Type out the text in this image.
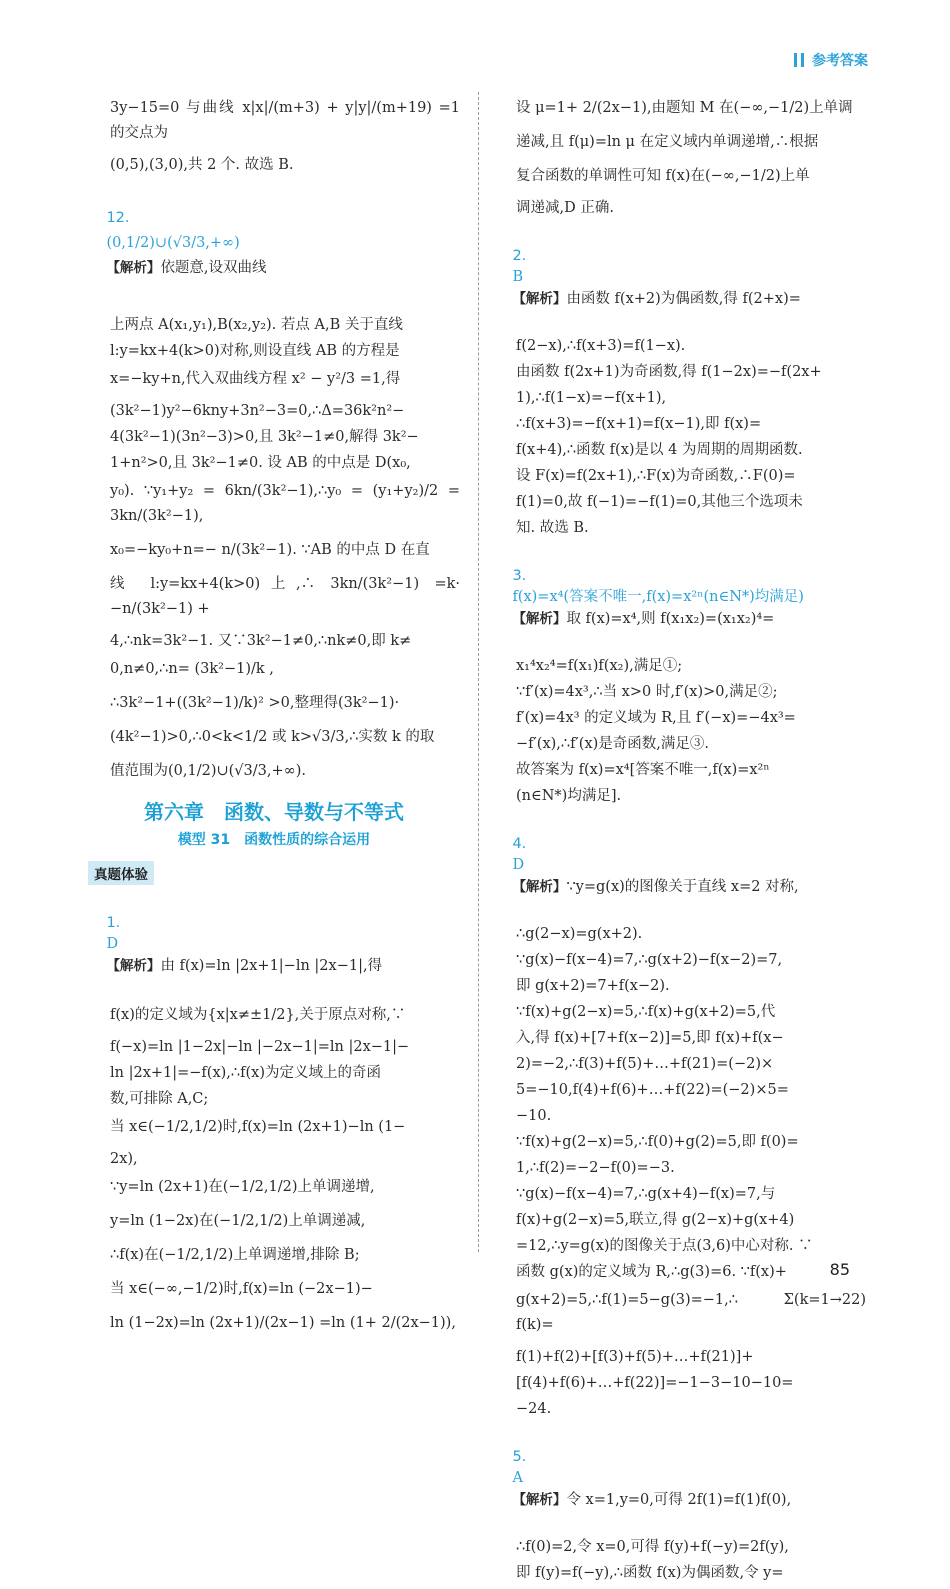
参考答案

3y−15=0 与曲线 x|x|/(m+3) + y|y|/(m+19) =1 的交点为

(0,5),(3,0),共 2 个. 故选 B.

12.
(0,1/2)∪(√3/3,+∞)
【解析】依题意,设双曲线

上两点 A(x₁,y₁),B(x₂,y₂). 若点 A,B 关于直线

l:y=kx+4(k>0)对称,则设直线 AB 的方程是

x=−ky+n,代入双曲线方程 x² − y²/3 =1,得

(3k²−1)y²−6kny+3n²−3=0,∴Δ=36k²n²−

4(3k²−1)(3n²−3)>0,且 3k²−1≠0,解得 3k²−

1+n²>0,且 3k²−1≠0. 设 AB 的中点是 D(x₀,

y₀). ∵y₁+y₂ = 6kn/(3k²−1),∴y₀ = (y₁+y₂)/2 = 3kn/(3k²−1),

x₀=−ky₀+n=− n/(3k²−1). ∵AB 的中点 D 在直

线 l:y=kx+4(k>0)上,∴ 3kn/(3k²−1) =k· −n/(3k²−1) +

4,∴nk=3k²−1. 又∵3k²−1≠0,∴nk≠0,即 k≠

0,n≠0,∴n= (3k²−1)/k ,

∴3k²−1+((3k²−1)/k)² >0,整理得(3k²−1)·

(4k²−1)>0,∴0<k<1/2 或 k>√3/3,∴实数 k 的取

值范围为(0,1/2)∪(√3/3,+∞).

第六章　函数、导数与不等式
模型 31　函数性质的综合运用
真题体验

1.
D
【解析】由 f(x)=ln |2x+1|−ln |2x−1|,得

f(x)的定义域为{x|x≠±1/2},关于原点对称,∵

f(−x)=ln |1−2x|−ln |−2x−1|=ln |2x−1|−

ln |2x+1|=−f(x),∴f(x)为定义域上的奇函

数,可排除 A,C;

当 x∈(−1/2,1/2)时,f(x)=ln (2x+1)−ln (1−

2x),

∵y=ln (2x+1)在(−1/2,1/2)上单调递增,

y=ln (1−2x)在(−1/2,1/2)上单调递减,

∴f(x)在(−1/2,1/2)上单调递增,排除 B;

当 x∈(−∞,−1/2)时,f(x)=ln (−2x−1)−

ln (1−2x)=ln (2x+1)/(2x−1) =ln (1+ 2/(2x−1)),

设 μ=1+ 2/(2x−1),由题知 M 在(−∞,−1/2)上单调

递减,且 f(μ)=ln μ 在定义域内单调递增,∴根据

复合函数的单调性可知 f(x)在(−∞,−1/2)上单

调递减,D 正确.

2.
B
【解析】由函数 f(x+2)为偶函数,得 f(2+x)=

f(2−x),∴f(x+3)=f(1−x).

由函数 f(2x+1)为奇函数,得 f(1−2x)=−f(2x+

1),∴f(1−x)=−f(x+1),

∴f(x+3)=−f(x+1)=f(x−1),即 f(x)=

f(x+4),∴函数 f(x)是以 4 为周期的周期函数.

设 F(x)=f(2x+1),∴F(x)为奇函数,∴F(0)=

f(1)=0,故 f(−1)=−f(1)=0,其他三个选项未

知. 故选 B.

3.
f(x)=x⁴(答案不唯一,f(x)=x²ⁿ(n∈N*)均满足)
【解析】取 f(x)=x⁴,则 f(x₁x₂)=(x₁x₂)⁴=

x₁⁴x₂⁴=f(x₁)f(x₂),满足①;

∵f′(x)=4x³,∴当 x>0 时,f′(x)>0,满足②;

f′(x)=4x³ 的定义域为 R,且 f′(−x)=−4x³=

−f′(x),∴f′(x)是奇函数,满足③.

故答案为 f(x)=x⁴[答案不唯一,f(x)=x²ⁿ

(n∈N*)均满足].

4.
D
【解析】∵y=g(x)的图像关于直线 x=2 对称,

∴g(2−x)=g(x+2).

∵g(x)−f(x−4)=7,∴g(x+2)−f(x−2)=7,

即 g(x+2)=7+f(x−2).

∵f(x)+g(2−x)=5,∴f(x)+g(x+2)=5,代

入,得 f(x)+[7+f(x−2)]=5,即 f(x)+f(x−

2)=−2,∴f(3)+f(5)+…+f(21)=(−2)×

5=−10,f(4)+f(6)+…+f(22)=(−2)×5=

−10.

∵f(x)+g(2−x)=5,∴f(0)+g(2)=5,即 f(0)=

1,∴f(2)=−2−f(0)=−3.

∵g(x)−f(x−4)=7,∴g(x+4)−f(x)=7,与

f(x)+g(2−x)=5,联立,得 g(2−x)+g(x+4)

=12,∴y=g(x)的图像关于点(3,6)中心对称. ∵

函数 g(x)的定义域为 R,∴g(3)=6. ∵f(x)+

g(x+2)=5,∴f(1)=5−g(3)=−1,∴ Σ(k=1→22) f(k)=

f(1)+f(2)+[f(3)+f(5)+…+f(21)]+

[f(4)+f(6)+…+f(22)]=−1−3−10−10=

−24.

5.
A
【解析】令 x=1,y=0,可得 2f(1)=f(1)f(0),

∴f(0)=2,令 x=0,可得 f(y)+f(−y)=2f(y),

即 f(y)=f(−y),∴函数 f(x)为偶函数,令 y=

85
